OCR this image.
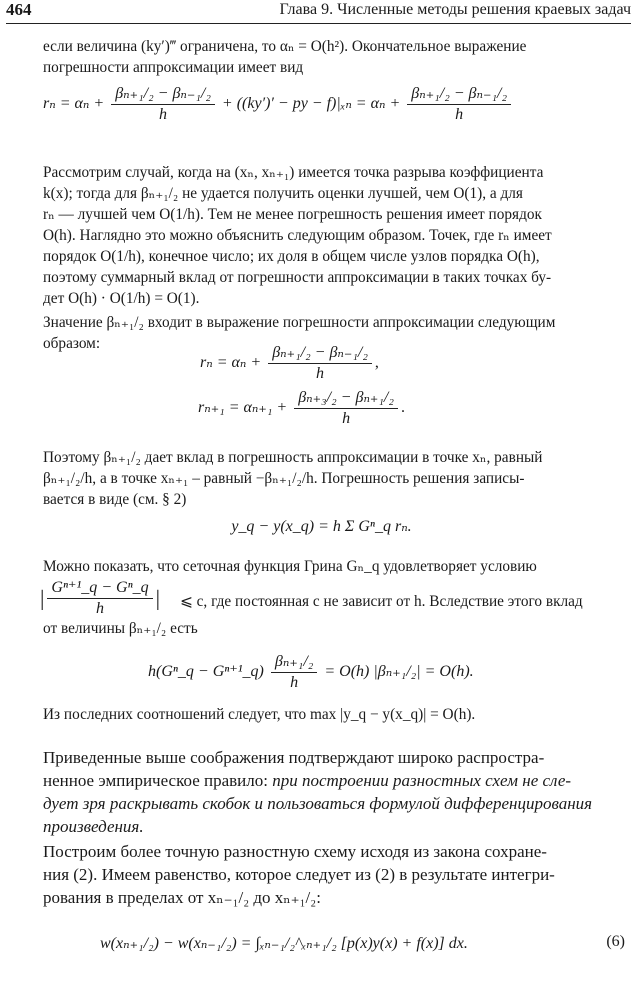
464	Глава 9. Численные методы решения краевых задач
если величина (ky′)‴ ограничена, то αₙ = O(h²). Окончательное выражение
погрешности аппроксимации имеет вид
$r_n = \alpha_n + \frac{\text{βₙ₊₁/₂ − βₙ₋₁/₂}}{h} + ((ky')'$ − py − $f)|_{xn} = \alpha_n + \frac{\text{βₙ₊₁/₂ − βₙ₋₁/₂}}{h}$
Рассмотрим случай, когда на (xₙ, xₙ₊₁) имеется точка разрыва коэффициента
k(x); тогда для βₙ₊₁/₂ не удается получить оценки лучшей, чем O(1), а для
rₙ — лучшей чем O(1/h). Тем не менее погрешность решения имеет порядок
O(h). Наглядно это можно объяснить следующим образом. Точек, где rₙ имеет
порядок O(1/h), конечное число; их доля в общем числе узлов порядка O(h),
поэтому суммарный вклад от погрешности аппроксимации в таких точках бу-
дет O(h) · O(1/h) = O(1).
Значение βₙ₊₁/₂ входит в выражение погрешности аппроксимации следующим
образом:
$r_n = \alpha_n + \frac{\text{βₙ₊₁/₂ − βₙ₋₁/₂}}{h}$ ,
$r_{n+1} = \alpha_{n+1} + \frac{\text{βₙ₊₃/₂ − βₙ₊₁/₂}}{h}$ .
Поэтому βₙ₊₁/₂ дает вклад в погрешность аппроксимации в точке xₙ, равный
βₙ₊₁/₂/h, а в точке xₙ₊₁ – равный −βₙ₊₁/₂/h. Погрешность решения записы-
вается в виде (см. § 2)
y_q − y(x_q) = h Σ Gⁿ_q rₙ.
Можно показать, что сеточная функция Грина Gₙ_q удовлетворяет условию
| $\frac{\text{Gⁿ⁺¹\_q − Gⁿ\_q}}{h}$ | ⩽ c, где постоянная c не зависит от h. Вследствие этого вклад
от величины βₙ₊₁/₂ есть
h(Gⁿ_q − Gⁿ⁺¹_q) $\frac{\text{βₙ₊₁/₂}}{h} = O(h) |\beta_{n+1}/_2| = O(h)$.
Из последних соотношений следует, что max |y_q − y(x_q)| = O(h).
Приведенные выше соображения подтверждают широко распростра-
ненное эмпирическое правило: при построении разностных схем не сле-
дует зря раскрывать скобок и пользоваться формулой дифференцирования
произведения.
Построим более точную разностную схему исходя из закона сохране-
ния (2). Имеем равенство, которое следует из (2) в результате интегри-
рования в пределах от xₙ₋₁/₂ до xₙ₊₁/₂:
w(xₙ₊₁/₂) − w(xₙ₋₁/₂) = ∫ₓₙ₋₁/₂^ₓₙ₊₁/₂ [p(x)y(x) + f(x)] dx.	(6)
